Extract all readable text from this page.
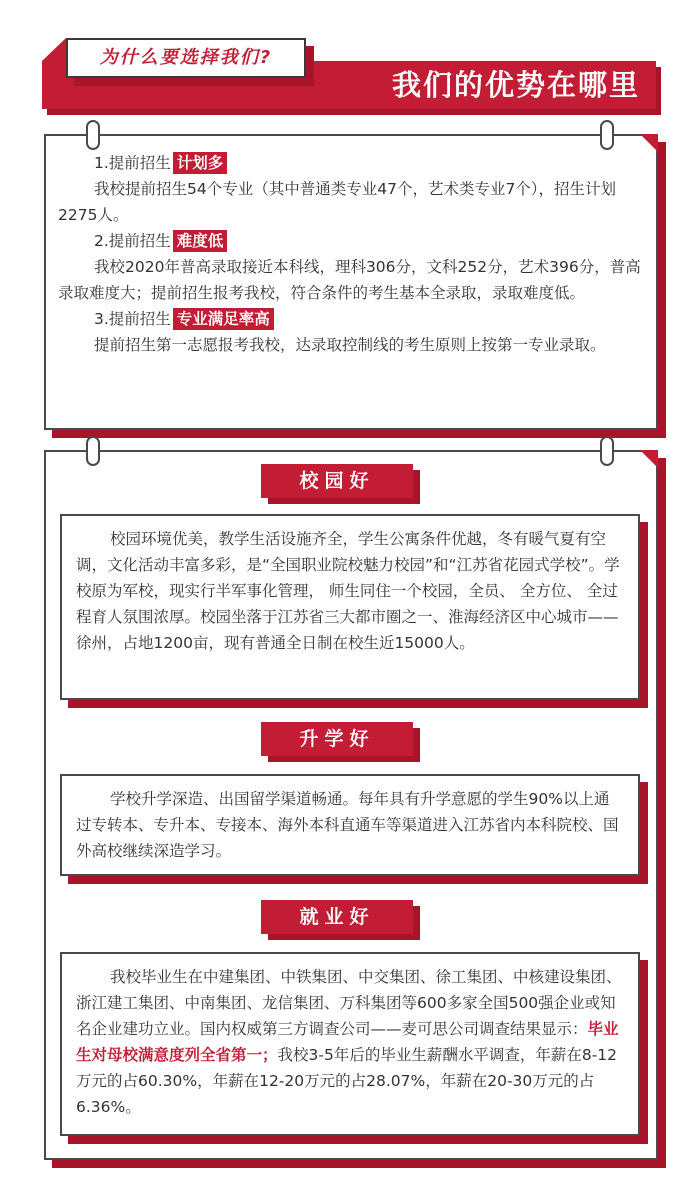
为什么要选择我们?
我们的优势在哪里

1.提前招生 计划多

我校提前招生54个专业（其中普通类专业47个，艺术类专业7个），招生计划2275人。

2.提前招生 难度低

我校2020年普高录取接近本科线，理科306分，文科252分，艺术396分，普高录取难度大；提前招生报考我校，符合条件的考生基本全录取，录取难度低。

3.提前招生 专业满足率高

提前招生第一志愿报考我校，达录取控制线的考生原则上按第一专业录取。

校园好

校园环境优美，教学生活设施齐全，学生公寓条件优越，冬有暖气夏有空调，文化活动丰富多彩，是“全国职业院校魅力校园”和“江苏省花园式学校”。学校原为军校，现实行半军事化管理， 师生同住一个校园，全员、 全方位、 全过程育人氛围浓厚。校园坐落于江苏省三大都市圈之一、淮海经济区中心城市——徐州，占地1200亩，现有普通全日制在校生近15000人。

升学好

学校升学深造、出国留学渠道畅通。每年具有升学意愿的学生90%以上通过专转本、专升本、专接本、海外本科直通车等渠道进入江苏省内本科院校、国外高校继续深造学习。

就业好

我校毕业生在中建集团、中铁集团、中交集团、徐工集团、中核建设集团、浙江建工集团、中南集团、龙信集团、万科集团等600多家全国500强企业或知名企业建功立业。国内权威第三方调查公司——麦可思公司调查结果显示：毕业生对母校满意度列全省第一；我校3-5年后的毕业生薪酬水平调查，年薪在8-12万元的占60.30%，年薪在12-20万元的占28.07%，年薪在20-30万元的占6.36%。
